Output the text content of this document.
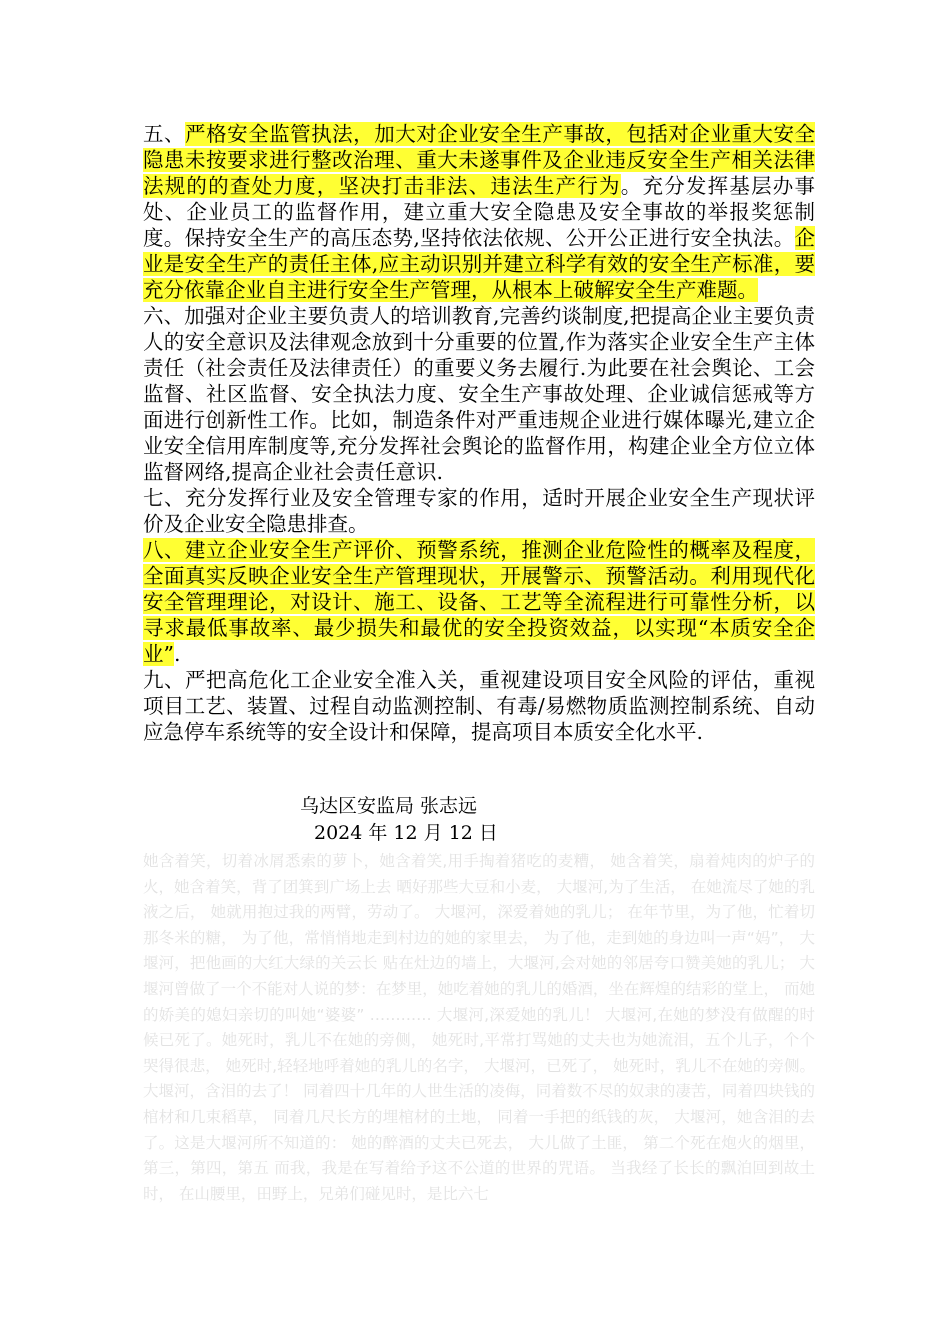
五、严格安全监管执法，加大对企业安全生产事故，包括对企业重大安全隐患未按要求进行整改治理、重大未遂事件及企业违反安全生产相关法律法规的的查处力度，坚决打击非法、违法生产行为。充分发挥基层办事处、企业员工的监督作用，建立重大安全隐患及安全事故的举报奖惩制度。保持安全生产的高压态势,坚持依法依规、公开公正进行安全执法。企业是安全生产的责任主体,应主动识别并建立科学有效的安全生产标准，要充分依靠企业自主进行安全生产管理，从根本上破解安全生产难题。

六、加强对企业主要负责人的培训教育,完善约谈制度,把提高企业主要负责人的安全意识及法律观念放到十分重要的位置,作为落实企业安全生产主体责任（社会责任及法律责任）的重要义务去履行.为此要在社会舆论、工会监督、社区监督、安全执法力度、安全生产事故处理、企业诚信惩戒等方面进行创新性工作。比如，制造条件对严重违规企业进行媒体曝光,建立企业安全信用库制度等,充分发挥社会舆论的监督作用，构建企业全方位立体监督网络,提高企业社会责任意识.

七、充分发挥行业及安全管理专家的作用，适时开展企业安全生产现状评价及企业安全隐患排查。

八、建立企业安全生产评价、预警系统，推测企业危险性的概率及程度，全面真实反映企业安全生产管理现状，开展警示、预警活动。利用现代化安全管理理论，对设计、施工、设备、工艺等全流程进行可靠性分析，以寻求最低事故率、最少损失和最优的安全投资效益，以实现“本质安全企业”.

九、严把高危化工企业安全准入关，重视建设项目安全风险的评估，重视项目工艺、装置、过程自动监测控制、有毒/易燃物质监测控制系统、自动应急停车系统等的安全设计和保障，提高项目本质安全化水平.

乌达区安监局 张志远
2024 年 12 月 12 日

她含着笑，切着冰屑悉索的萝卜，她含着笑,用手掏着猪吃的麦糟， 她含着笑，扇着炖肉的炉子的火，她含着笑，背了团箕到广场上去 晒好那些大豆和小麦， 大堰河,为了生活， 在她流尽了她的乳液之后， 她就用抱过我的两臂，劳动了。 大堰河，深爱着她的乳儿； 在年节里，为了他，忙着切那冬米的糖， 为了他，常悄悄地走到村边的她的家里去， 为了他，走到她的身边叫一声“妈”， 大堰河，把他画的大红大绿的关云长 贴在灶边的墙上，大堰河,会对她的邻居夸口赞美她的乳儿； 大堰河曾做了一个不能对人说的梦：在梦里，她吃着她的乳儿的婚酒，坐在辉煌的结彩的堂上， 而她的娇美的媳妇亲切的叫她“婆婆” ………… 大堰河,深爱她的乳儿！ 大堰河,在她的梦没有做醒的时候已死了。她死时，乳儿不在她的旁侧， 她死时,平常打骂她的丈夫也为她流泪，五个儿子，个个哭得很悲， 她死时,轻轻地呼着她的乳儿的名字， 大堰河，已死了， 她死时，乳儿不在她的旁侧。 大堰河，含泪的去了！ 同着四十几年的人世生活的凌侮，同着数不尽的奴隶的凄苦，同着四块钱的棺材和几束稻草， 同着几尺长方的埋棺材的土地， 同着一手把的纸钱的灰， 大堰河，她含泪的去了。这是大堰河所不知道的： 她的醉酒的丈夫已死去， 大儿做了土匪， 第二个死在炮火的烟里， 第三，第四，第五 而我，我是在写着给予这不公道的世界的咒语。 当我经了长长的飘泊回到故土时， 在山腰里，田野上，兄弟们碰见时，是比六七
